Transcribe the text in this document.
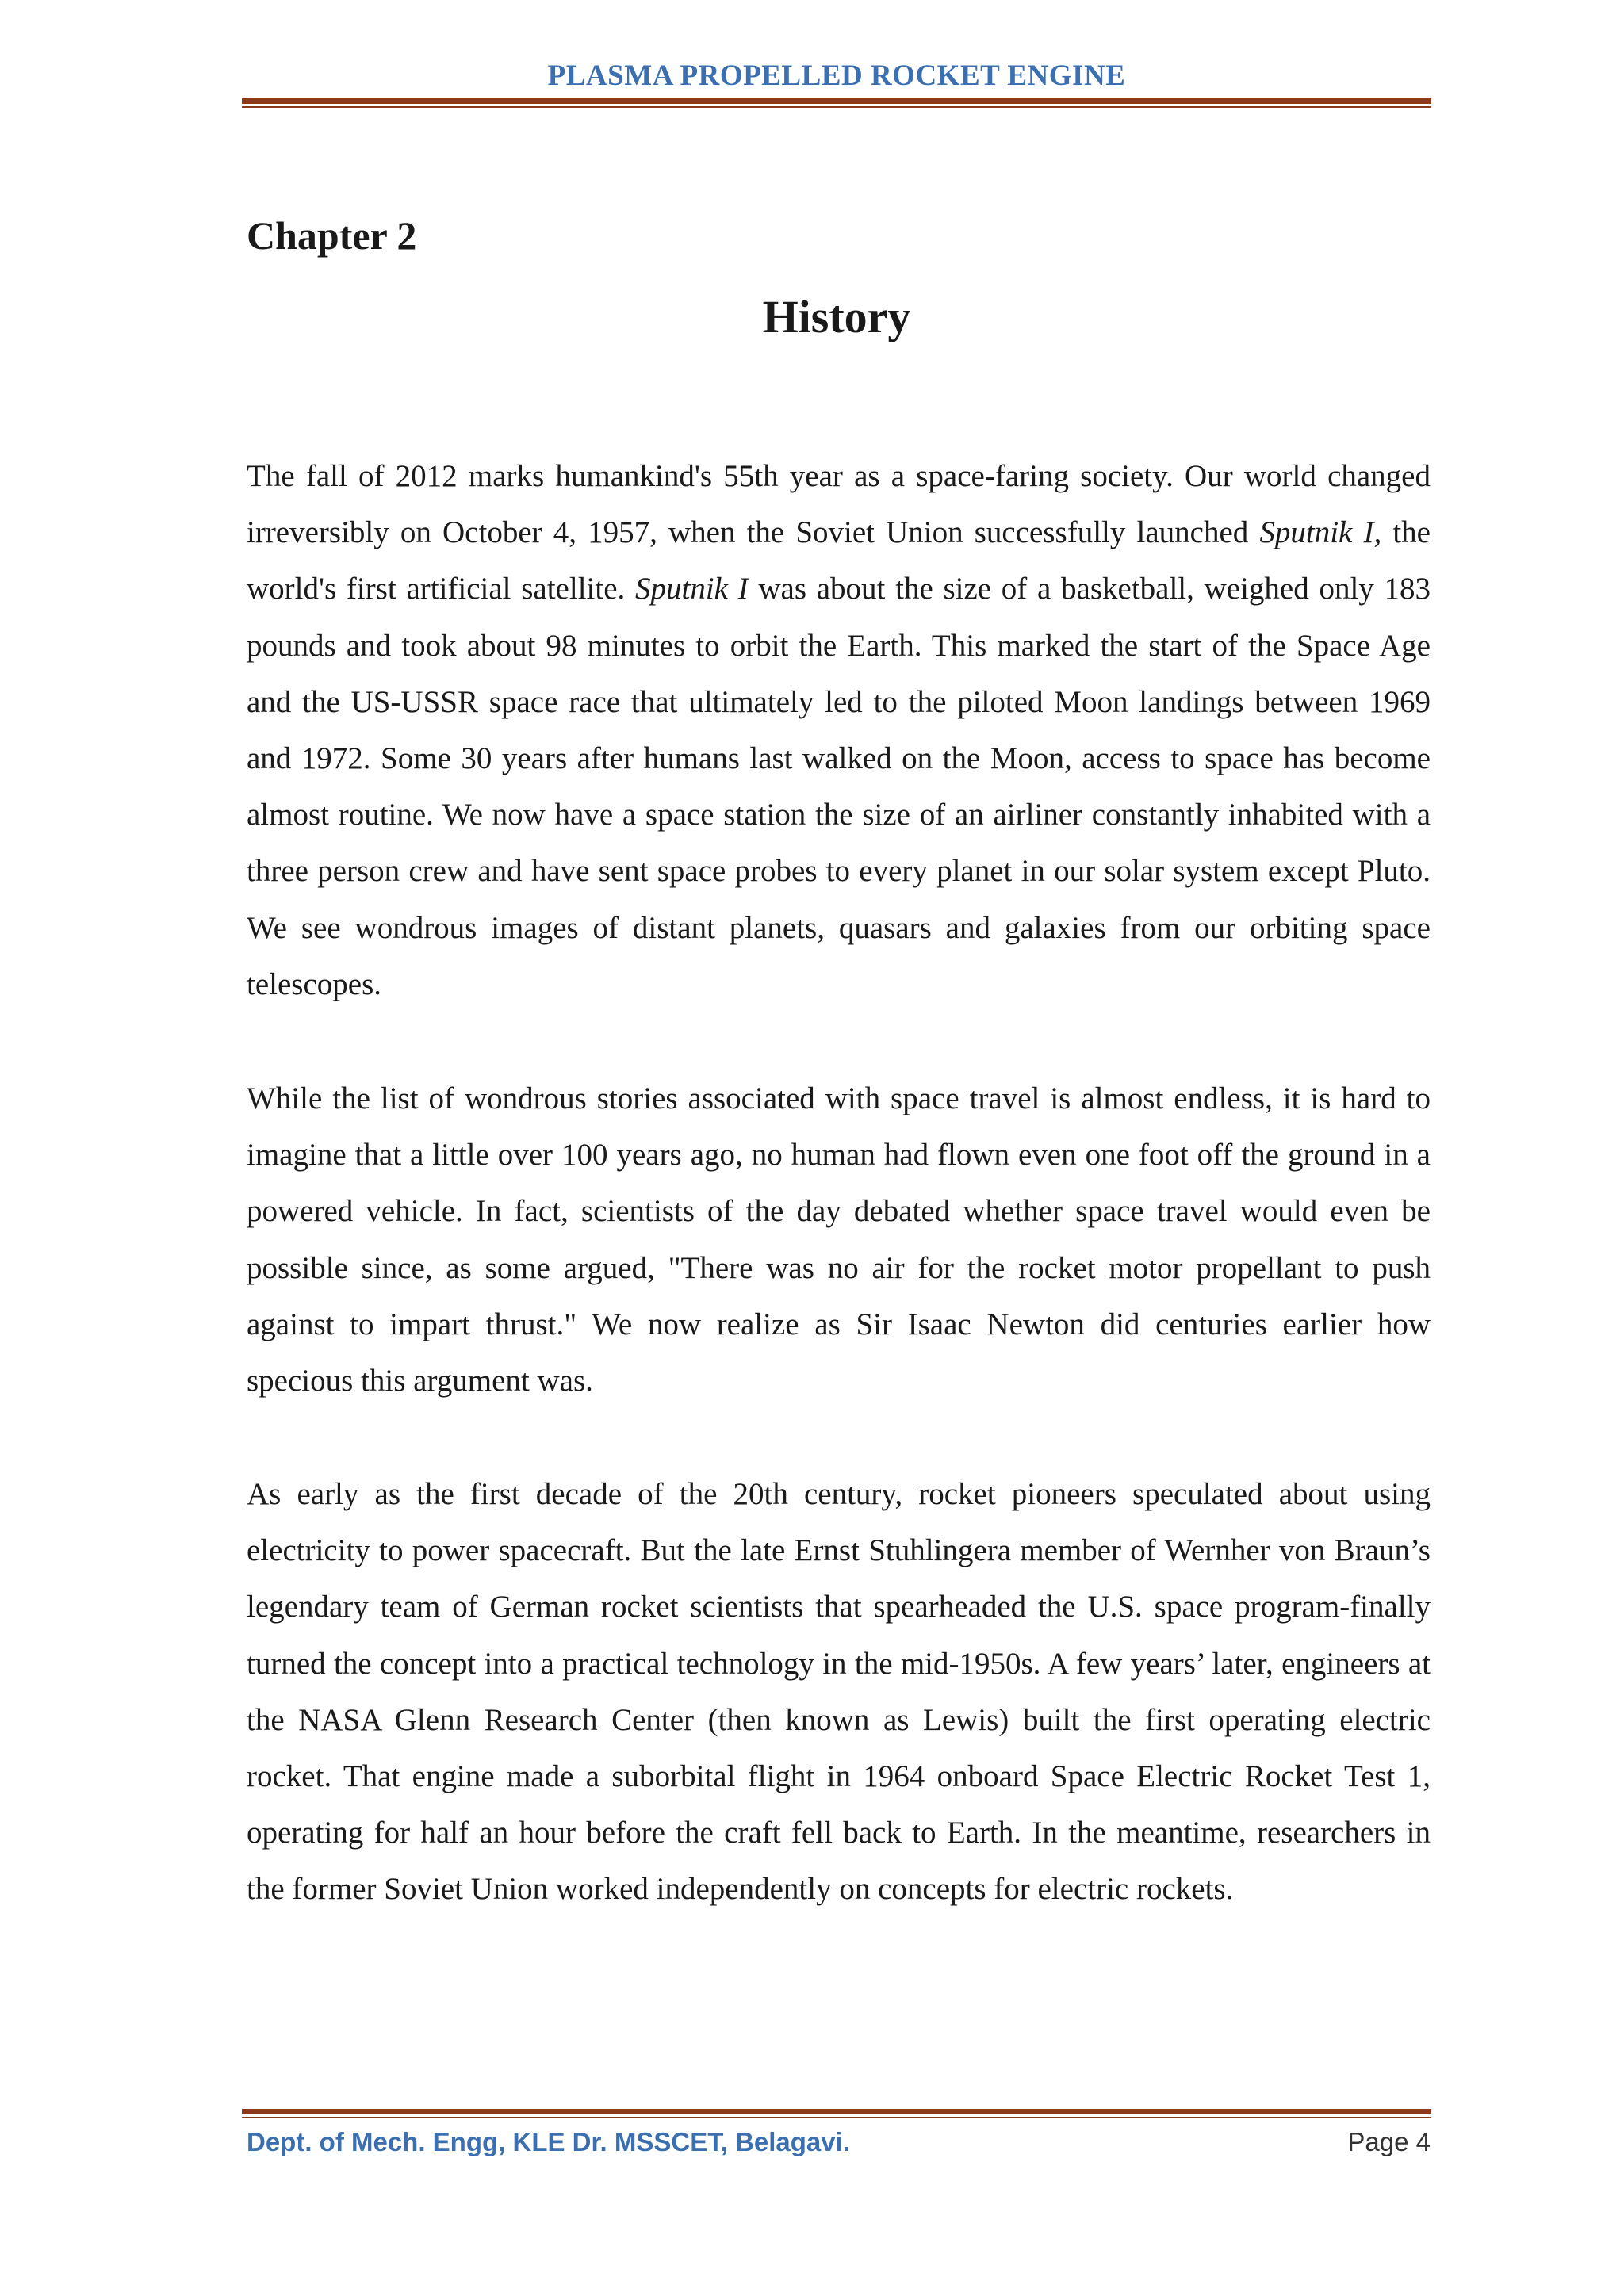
PLASMA PROPELLED ROCKET ENGINE
Chapter 2
History

The fall of 2012 marks humankind's 55th year as a space-faring society. Our world changed irreversibly on October 4, 1957, when the Soviet Union successfully launched Sputnik I, the world's first artificial satellite. Sputnik I was about the size of a basketball, weighed only 183 pounds and took about 98 minutes to orbit the Earth. This marked the start of the Space Age and the US-USSR space race that ultimately led to the piloted Moon landings between 1969 and 1972. Some 30 years after humans last walked on the Moon, access to space has become almost routine. We now have a space station the size of an airliner constantly inhabited with a three person crew and have sent space probes to every planet in our solar system except Pluto. We see wondrous images of distant planets, quasars and galaxies from our orbiting space telescopes.

While the list of wondrous stories associated with space travel is almost endless, it is hard to imagine that a little over 100 years ago, no human had flown even one foot off the ground in a powered vehicle. In fact, scientists of the day debated whether space travel would even be possible since, as some argued, "There was no air for the rocket motor propellant to push against to impart thrust." We now realize as Sir Isaac Newton did centuries earlier how specious this argument was.

As early as the first decade of the 20th century, rocket pioneers speculated about using electricity to power spacecraft. But the late Ernst Stuhlingera member of Wernher von Braun’s legendary team of German rocket scientists that spearheaded the U.S. space program-finally turned the concept into a practical technology in the mid-1950s. A few years’ later, engineers at the NASA Glenn Research Center (then known as Lewis) built the first operating electric rocket. That engine made a suborbital flight in 1964 onboard Space Electric Rocket Test 1, operating for half an hour before the craft fell back to Earth. In the meantime, researchers in the former Soviet Union worked independently on concepts for electric rockets.

Dept. of Mech. Engg, KLE Dr. MSSCET, Belagavi.	Page 4
